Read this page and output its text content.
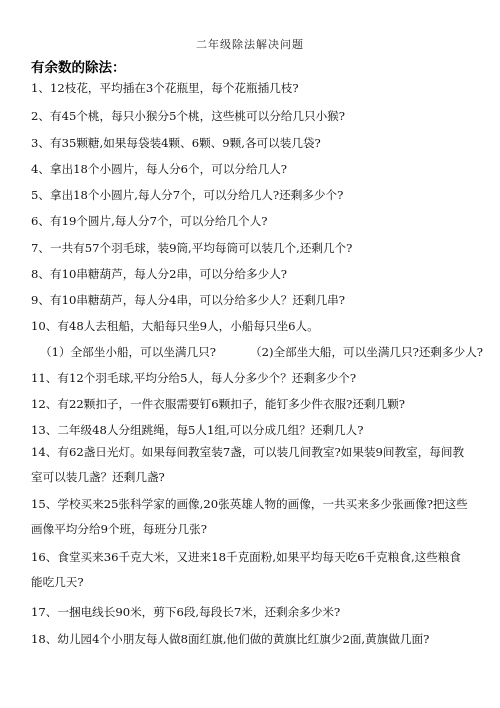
二年级除法解决问题
有余数的除法：
1、12枝花，平均插在3个花瓶里，每个花瓶插几枝?
2、有45个桃，每只小猴分5个桃，这些桃可以分给几只小猴?
3、有35颗糖,如果每袋装4颗、6颗、9颗,各可以装几袋?
4、拿出18个小圆片，每人分6个，可以分给几人?
5、拿出18个小圆片,每人分7个，可以分给几人?还剩多少个?
6、有19个圆片,每人分7个，可以分给几个人?
7、一共有57个羽毛球，装9筒,平均每筒可以装几个,还剩几个?
8、有10串糖葫芦，每人分2串，可以分给多少人?
9、有10串糖葫芦，每人分4串，可以分给多少人？还剩几串?
10、有48人去租船，大船每只坐9人，小船每只坐6人。
（1）全部坐小船，可以坐满几只?	（2)全部坐大船，可以坐满几只?还剩多少人?
11、有12个羽毛球,平均分给5人，每人分多少个？还剩多少个?
12、有22颗扣子，一件衣服需要钉6颗扣子，能钉多少件衣服?还剩几颗?
13、二年级48人分组跳绳，每5人1组,可以分成几组？还剩几人?
14、有62盏日光灯。如果每间教室装7盏，可以装几间教室?如果装9间教室，每间教室可以装几盏？还剩几盏?
15、学校买来25张科学家的画像,20张英雄人物的画像，一共买来多少张画像?把这些画像平均分给9个班，每班分几张?
16、食堂买来36千克大米，又进来18千克面粉,如果平均每天吃6千克粮食,这些粮食能吃几天?
17、一捆电线长90米，剪下6段,每段长7米，还剩余多少米?
18、幼儿园4个小朋友每人做8面红旗,他们做的黄旗比红旗少2面,黄旗做几面?
